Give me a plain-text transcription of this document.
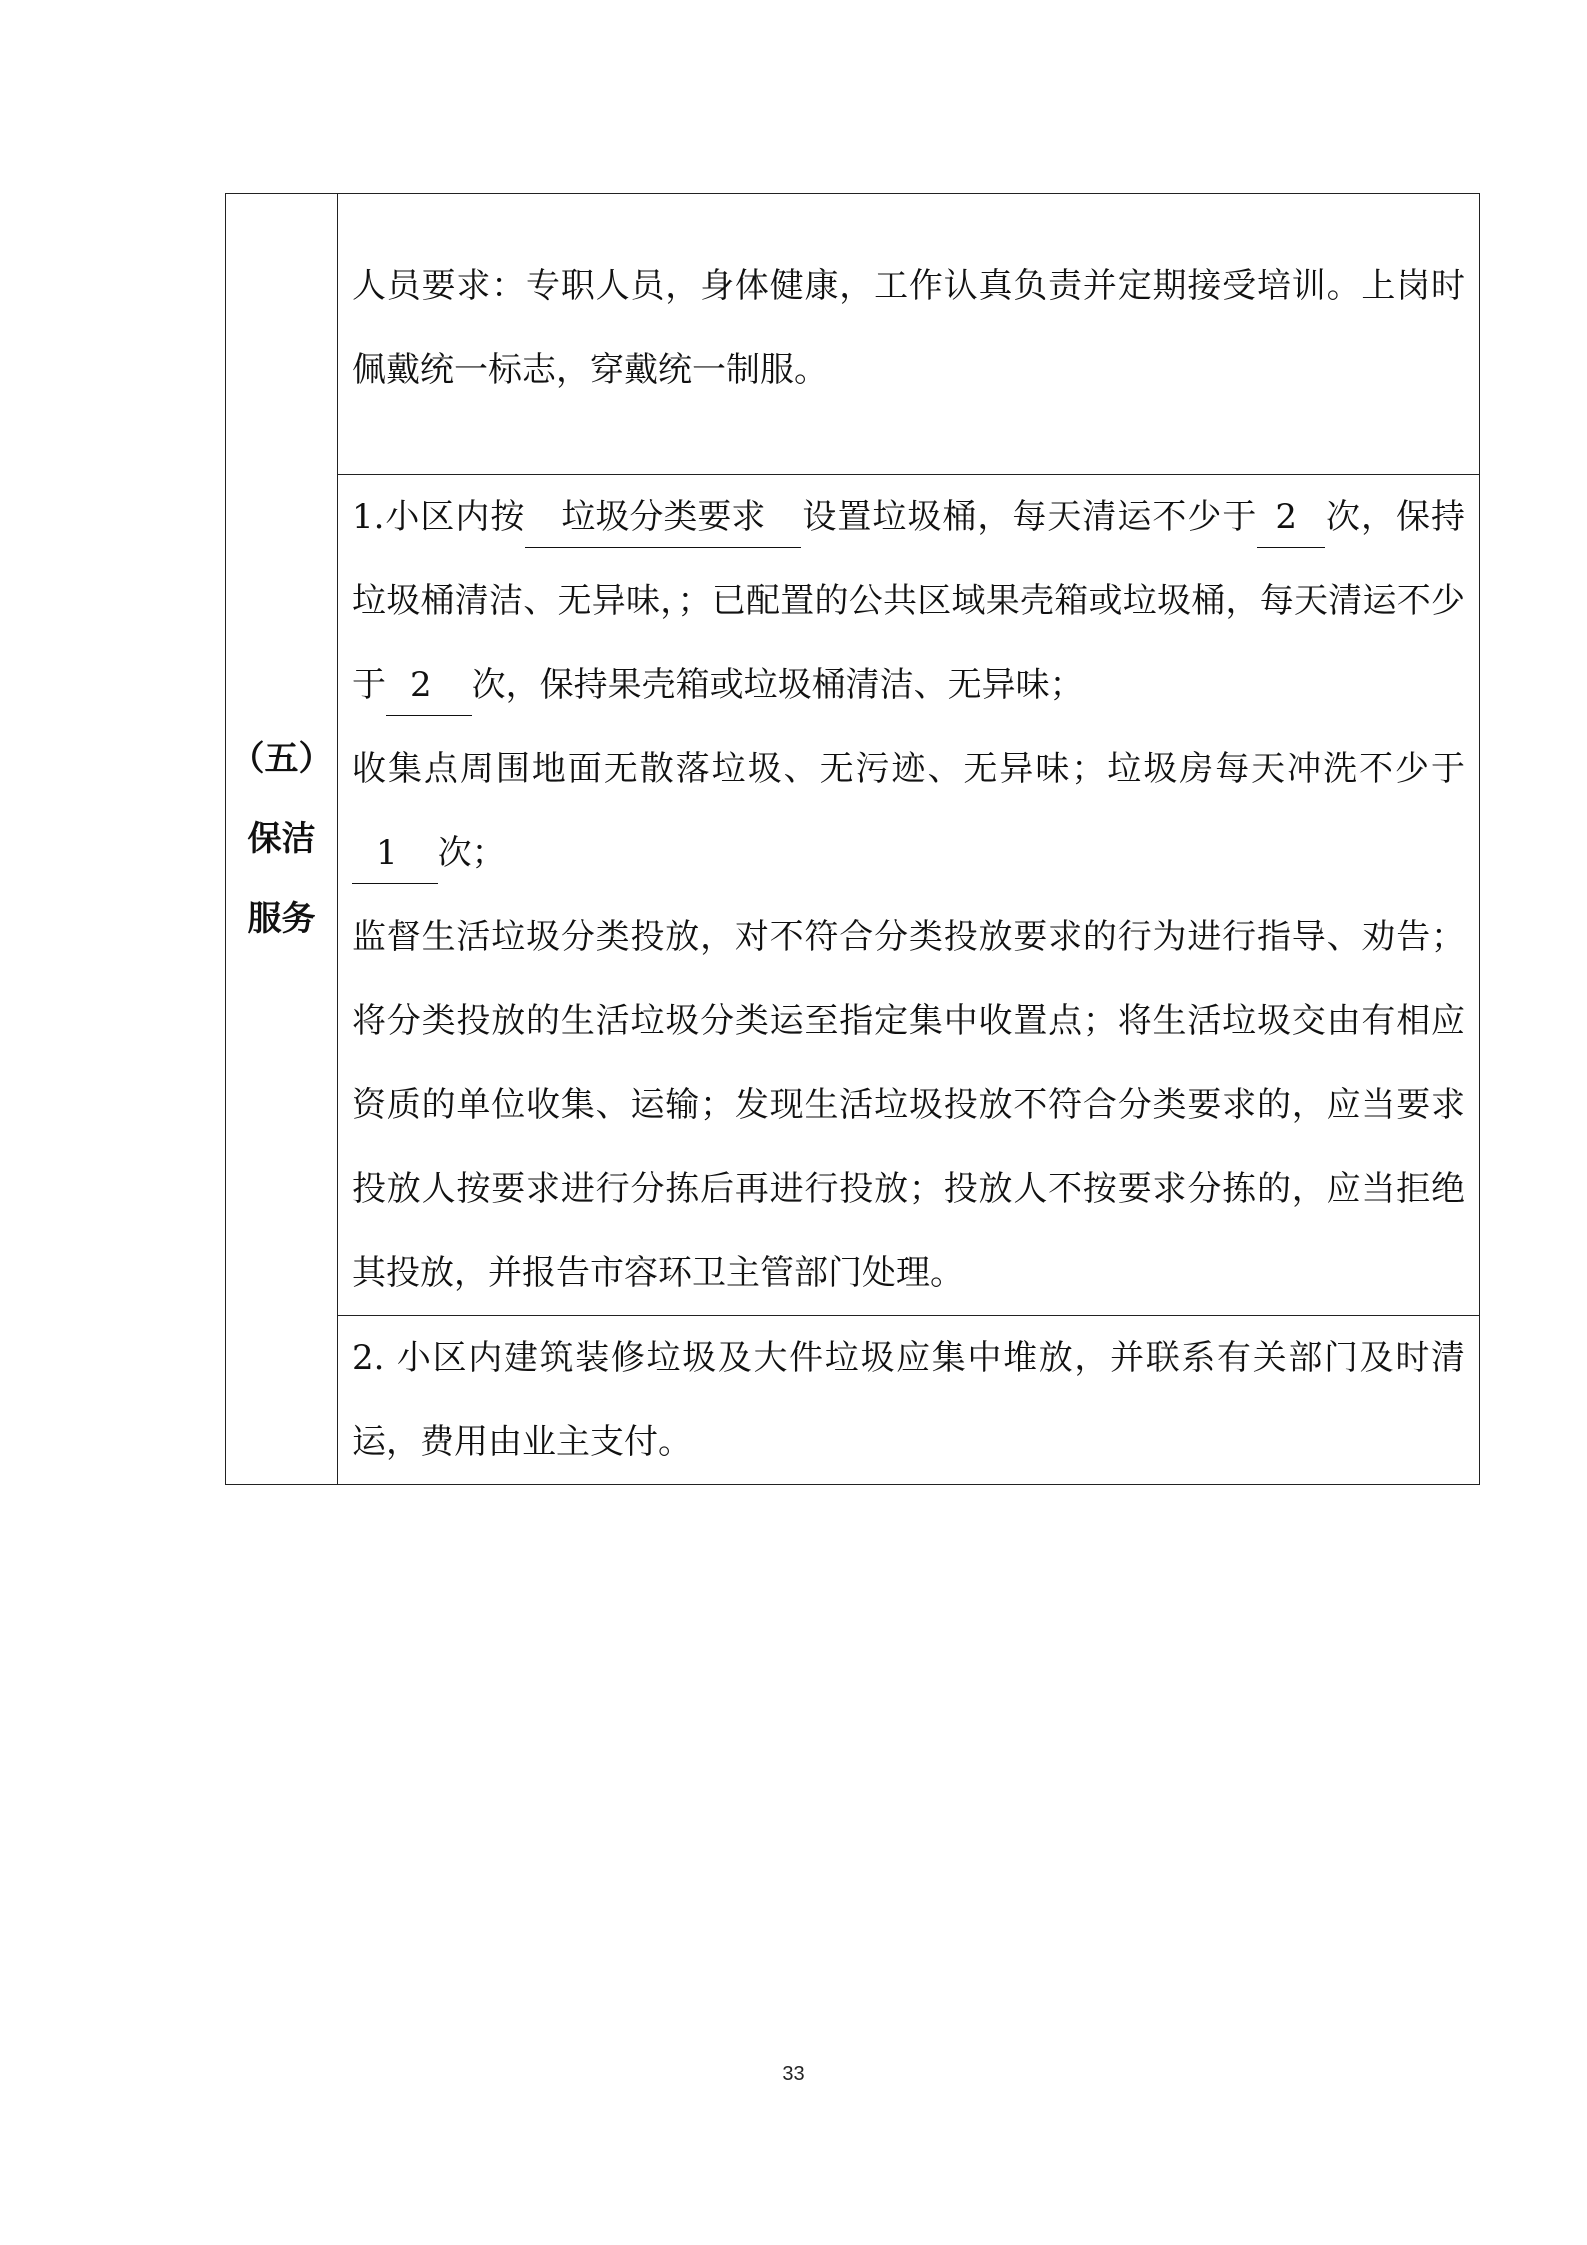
（五）
保洁
服务

人员要求：专职人员，身体健康，工作认真负责并定期接受培训。上岗时佩戴统一标志，穿戴统一制服。

1.小区内按 垃圾分类要求 设置垃圾桶，每天清运不少于 2 次，保持垃圾桶清洁、无异味，；已配置的公共区域果壳箱或垃圾桶，每天清运不少于 2 次，保持果壳箱或垃圾桶清洁、无异味；

收集点周围地面无散落垃圾、无污迹、无异味；垃圾房每天冲洗不少于1 次；

监督生活垃圾分类投放，对不符合分类投放要求的行为进行指导、劝告；将分类投放的生活垃圾分类运至指定集中收置点；将生活垃圾交由有相应资质的单位收集、运输；发现生活垃圾投放不符合分类要求的，应当要求投放人按要求进行分拣后再进行投放；投放人不按要求分拣的，应当拒绝其投放，并报告市容环卫主管部门处理。

2. 小区内建筑装修垃圾及大件垃圾应集中堆放，并联系有关部门及时清运，费用由业主支付。

33
